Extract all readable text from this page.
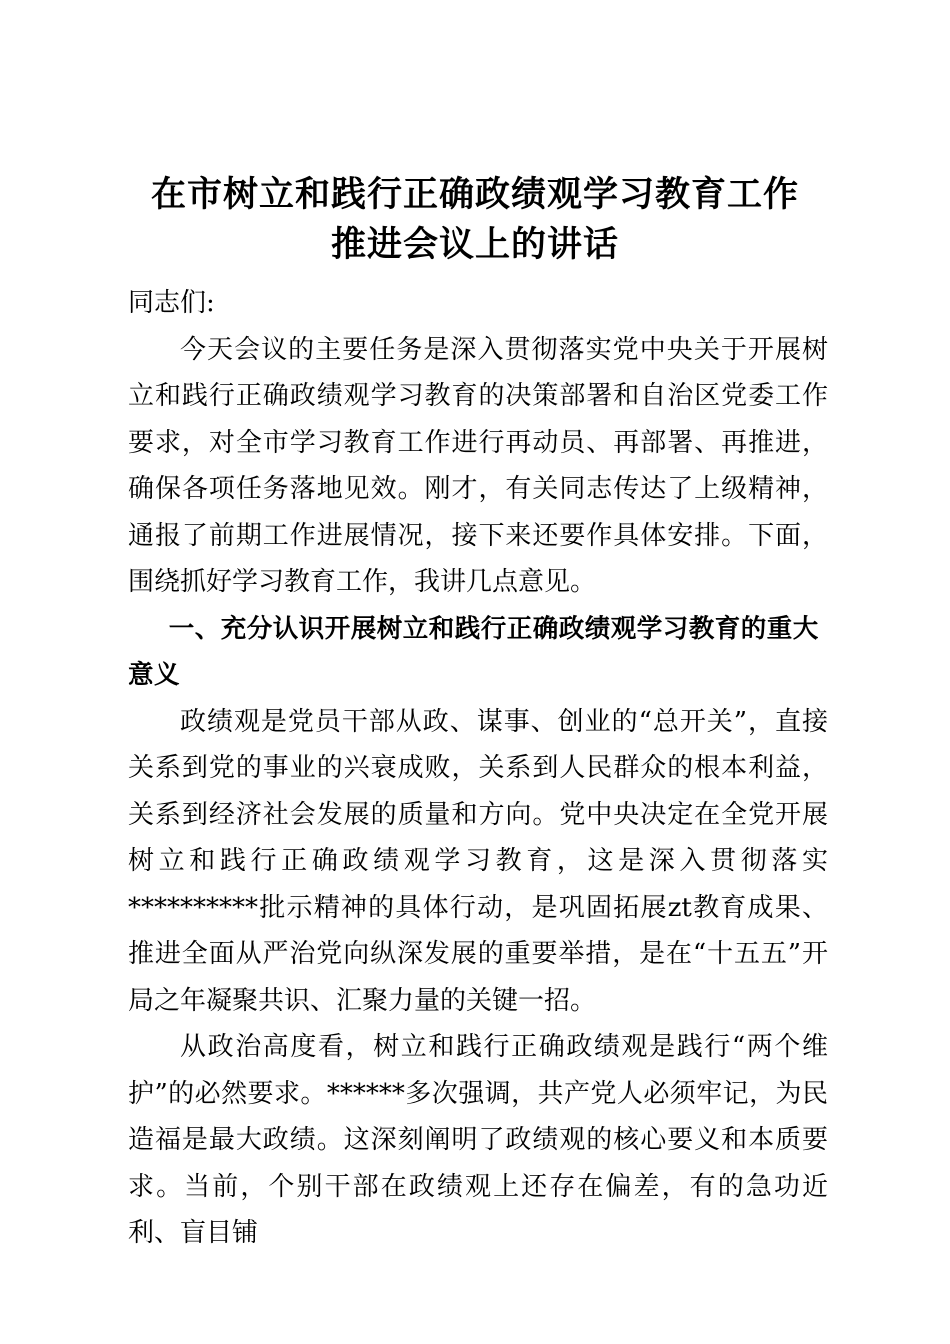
在市树立和践行正确政绩观学习教育工作
推进会议上的讲话

同志们:

今天会议的主要任务是深入贯彻落实党中央关于开展树立和践行正确政绩观学习教育的决策部署和自治区党委工作要求，对全市学习教育工作进行再动员、再部署、再推进，确保各项任务落地见效。刚才，有关同志传达了上级精神，通报了前期工作进展情况，接下来还要作具体安排。下面，围绕抓好学习教育工作，我讲几点意见。

一、充分认识开展树立和践行正确政绩观学习教育的重大意义

政绩观是党员干部从政、谋事、创业的“总开关”，直接关系到党的事业的兴衰成败，关系到人民群众的根本利益，关系到经济社会发展的质量和方向。党中央决定在全党开展树立和践行正确政绩观学习教育，这是深入贯彻落实**********批示精神的具体行动，是巩固拓展zt教育成果、推进全面从严治党向纵深发展的重要举措，是在“十五五”开局之年凝聚共识、汇聚力量的关键一招。

从政治高度看，树立和践行正确政绩观是践行“两个维护”的必然要求。******多次强调，共产党人必须牢记，为民造福是最大政绩。这深刻阐明了政绩观的核心要义和本质要求。当前，个别干部在政绩观上还存在偏差，有的急功近利、盲目铺
